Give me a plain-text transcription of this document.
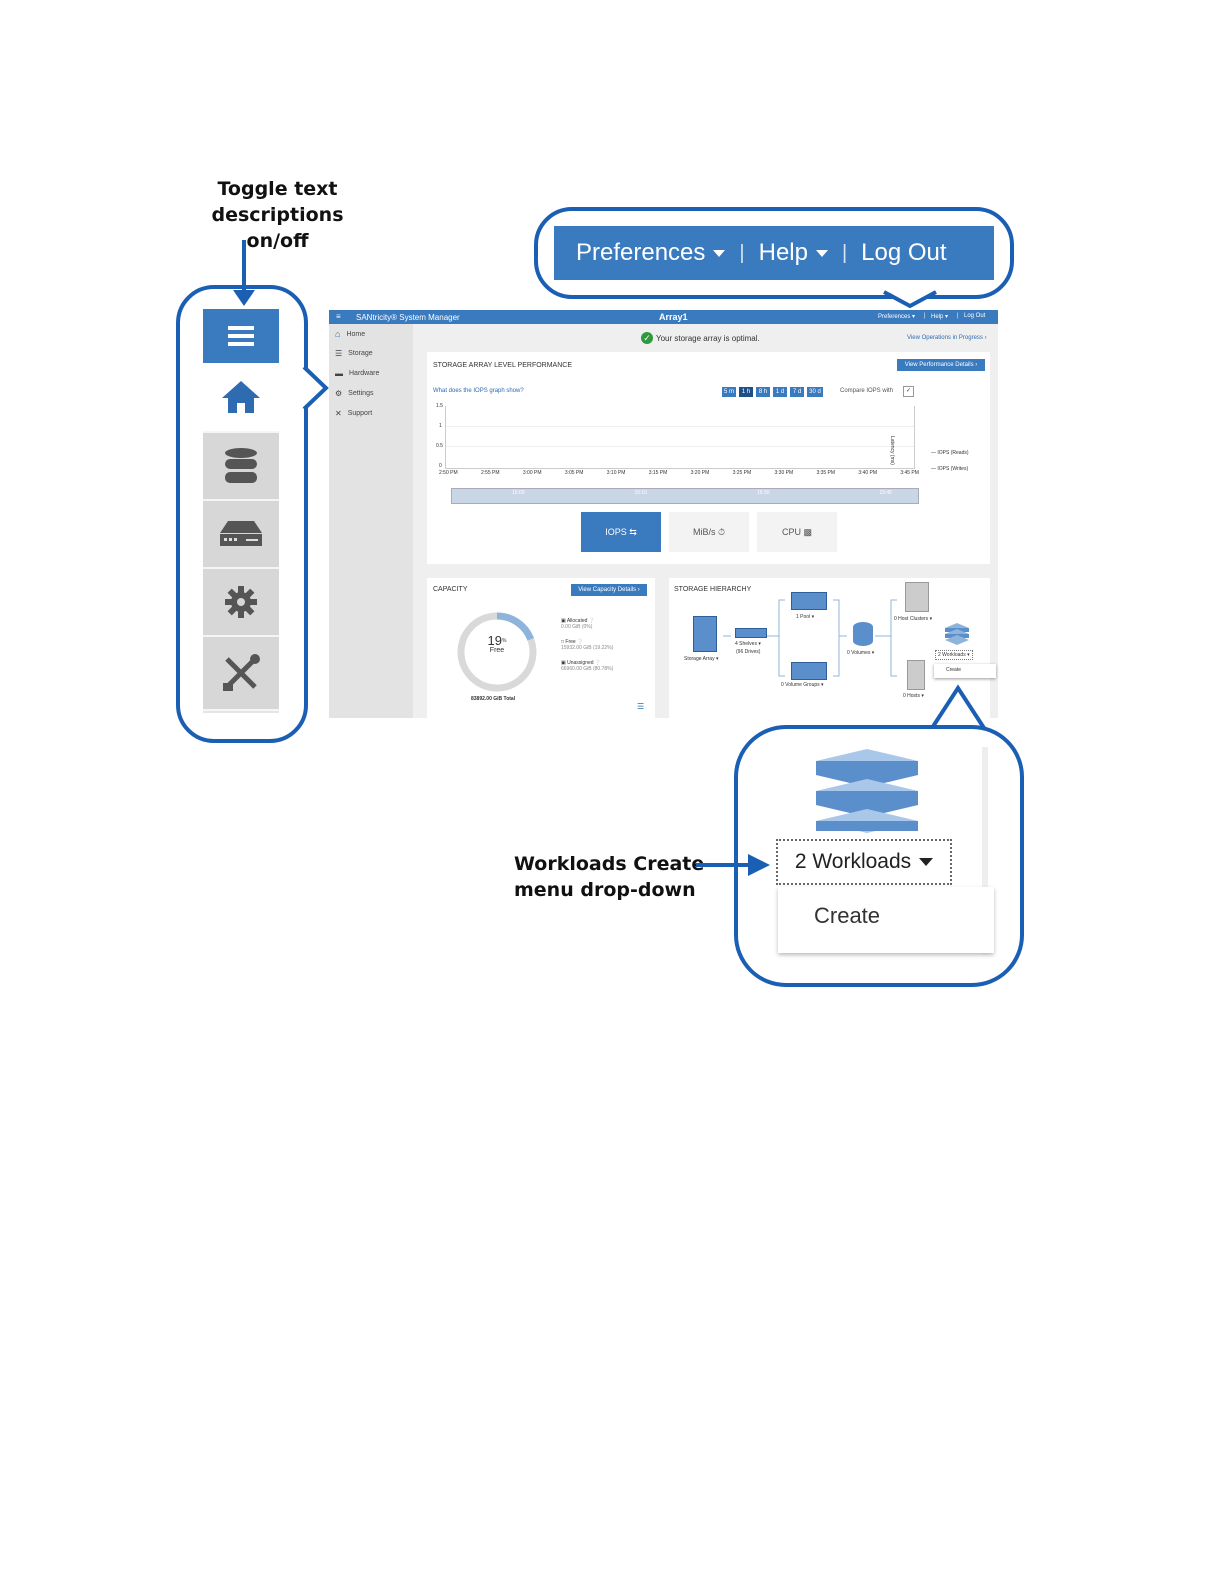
Toggle text
descriptions on/off	Preferences	| Help	| Log Out
≡ SANtricity® System Manager	Array1	Preferences ▾ | Help ▾ | Log Out
⌂ Home
☰ Storage
▬ Hardware
⚙ Settings
✕ Support
✓ Your storage array is optimal.	View Operations in Progress ›
STORAGE ARRAY LEVEL PERFORMANCE	View Performance Details ›
What does the IOPS graph show?	5 m	1 h	8 h	1 d	7 d	30 d	Compare IOPS with	✓
1.5
1
0.5
0
Latency (ms)
2:50 PM	2:55 PM	3:00 PM	3:05 PM	3:10 PM	3:15 PM	3:20 PM	3:25 PM	3:30 PM	3:35 PM	3:40 PM	3:45 PM
— IOPS (Reads)
— IOPS (Writes)
15:00	15:15	15:30	15:45
IOPS
⇆	MiB/s
⏱	CPU
▩
CAPACITY	View Capacity Details ›
19%
Free
83892.00 GiB Total
▣ Allocated ❔
0.00 GiB (0%)
□ Free ❔
15932.00 GiB (19.22%)
▣ Unassigned ❔
66960.00 GiB (80.78%)
☰
STORAGE HIERARCHY
Storage Array ▾
4 Shelves ▾
(96 Drives)
1 Pool ▾
0 Volume Groups ▾
0 Volumes ▾
0 Host Clusters ▾
0 Hosts ▾
2 Workloads ▾
Create
2 Workloads
Create
Workloads Create
menu drop-down
